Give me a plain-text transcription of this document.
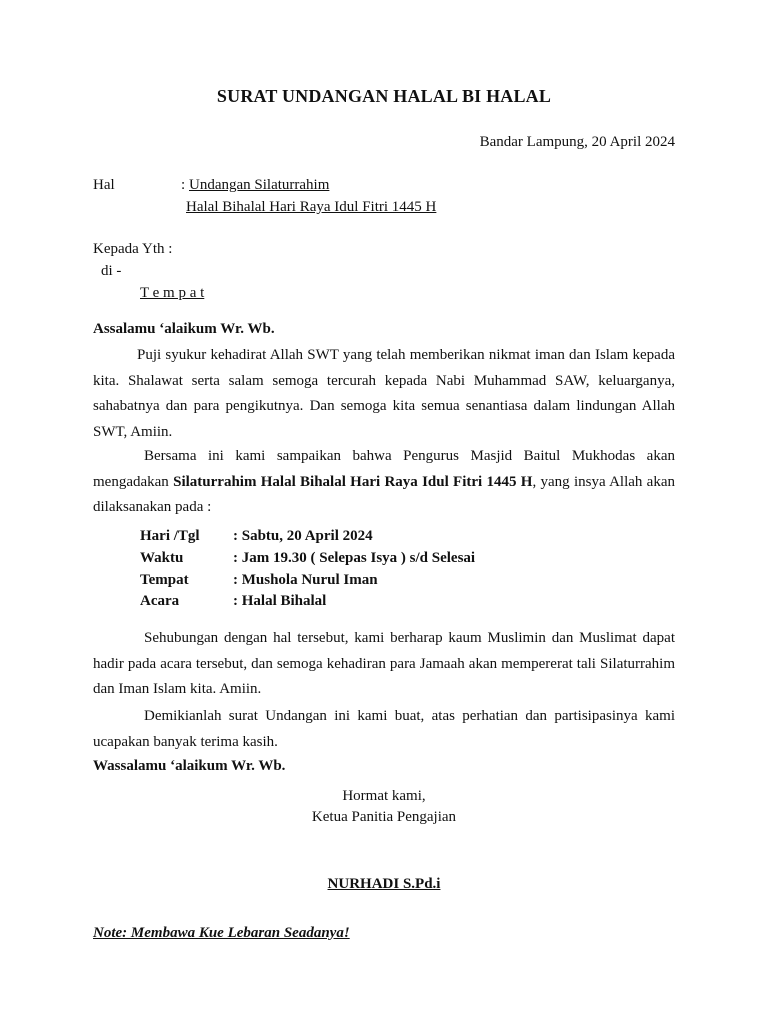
SURAT UNDANGAN HALAL BI HALAL
Bandar Lampung, 20 April 2024
Hal	: Undangan Silaturrahim
Halal Bihalal Hari Raya Idul Fitri 1445 H
Kepada Yth :
di -
T e m p a t
Assalamu ‘alaikum Wr. Wb.
Puji syukur kehadirat Allah SWT yang telah memberikan nikmat iman dan Islam kepada kita. Shalawat serta salam semoga tercurah kepada Nabi Muhammad SAW, keluarganya, sahabatnya dan para pengikutnya. Dan semoga kita semua senantiasa dalam lindungan Allah SWT, Amiin.
Bersama ini kami sampaikan bahwa Pengurus Masjid Baitul Mukhodas akan mengadakan Silaturrahim Halal Bihalal Hari Raya Idul Fitri 1445 H, yang insya Allah akan dilaksanakan pada :
Hari /Tgl : Sabtu, 20 April 2024
Waktu	: Jam 19.30 ( Selepas Isya ) s/d Selesai
Tempat	: Mushola Nurul Iman
Acara	: Halal Bihalal
Sehubungan dengan hal tersebut, kami berharap kaum Muslimin dan Muslimat dapat hadir pada acara tersebut, dan semoga kehadiran para Jamaah akan mempererat tali Silaturrahim dan Iman Islam kita. Amiin.
Demikianlah surat Undangan ini kami buat, atas perhatian dan partisipasinya kami ucapakan banyak terima kasih.
Wassalamu ‘alaikum Wr. Wb.
Hormat kami,
Ketua Panitia Pengajian
NURHADI S.Pd.i
Note: Membawa Kue Lebaran Seadanya!
